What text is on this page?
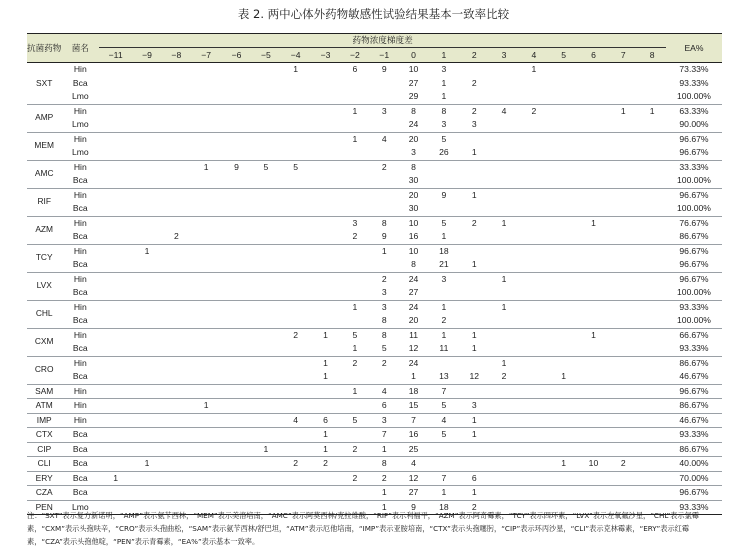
表 2. 两中心体外药物敏感性试验结果基本一致率比较
抗菌药物	菌名	药物浓度梯度差																			EA%
		−11	−9	−8	−7	−6	−5	−4	−3	−2	−1	0	1	2	3	4	5	6	7	8	
SXT	Hin							1		6	9	10	3			1					73.33%
	Bca											27	1	2							93.33%
	Lmo											29	1								100.00%
AMP	Hin									1	3	8	8	2	4	2			1	1	63.33%
	Lmo											24	3	3							90.00%
MEM	Hin									1	4	20	5								96.67%
	Lmo											3	26	1							96.67%
AMC	Hin				1	9	5	5			2	8									33.33%
	Bca											30									100.00%
RIF	Hin											20	9	1							96.67%
	Bca											30									100.00%
AZM	Hin									3	8	10	5	2	1			1			76.67%
	Bca			2						2	9	16	1								86.67%
TCY	Hin		1								1	10	18								96.67%
	Bca											8	21	1							96.67%
LVX	Hin										2	24	3		1						96.67%
	Bca										3	27									100.00%
CHL	Hin									1	3	24	1		1						93.33%
	Bca										8	20	2								100.00%
CXM	Hin							2	1	5	8	11	1	1				1			66.67%
	Bca									1	5	12	11	1							93.33%
CRO	Hin								1	2	2	24			1						86.67%
	Bca								1			1	13	12	2		1				46.67%
SAM	Hin									1	4	18	7								96.67%
ATM	Hin				1						6	15	5	3							86.67%
IMP	Hin							4	6	5	3	7	4	1							46.67%
CTX	Bca								1		7	16	5	1							93.33%
CIP	Bca						1		1	2	1	25									86.67%
CLI	Bca		1					2	2		8	4					1	10	2		40.00%
ERY	Bca	1								2	2	12	7	6							70.00%
CZA	Bca										1	27	1	1							96.67%
PEN	Lmo										1	9	18	2							93.33%
注：“SXT”表示复方新诺明，“AMP”表示氨苄西林，“MEM”表示美洛培南，“AMC”表示阿莫西林/克拉维酸，“RIF”表示利福平，“AZM”表示阿奇霉素，“TCY”表示四环素，“LVX”表示左氧氟沙星，“CHL”表示氯霉素，“CXM”表示头孢呋辛，“CRO”表示头孢曲松，“SAM”表示氨苄西林/舒巴坦，“ATM”表示厄他培南，“IMP”表示亚胺培南，“CTX”表示头孢噻肟，“CIP”表示环丙沙星，“CLI”表示克林霉素，“ERY”表示红霉素，“CZA”表示头孢他啶，“PEN”表示青霉素，“EA%”表示基本一致率。
